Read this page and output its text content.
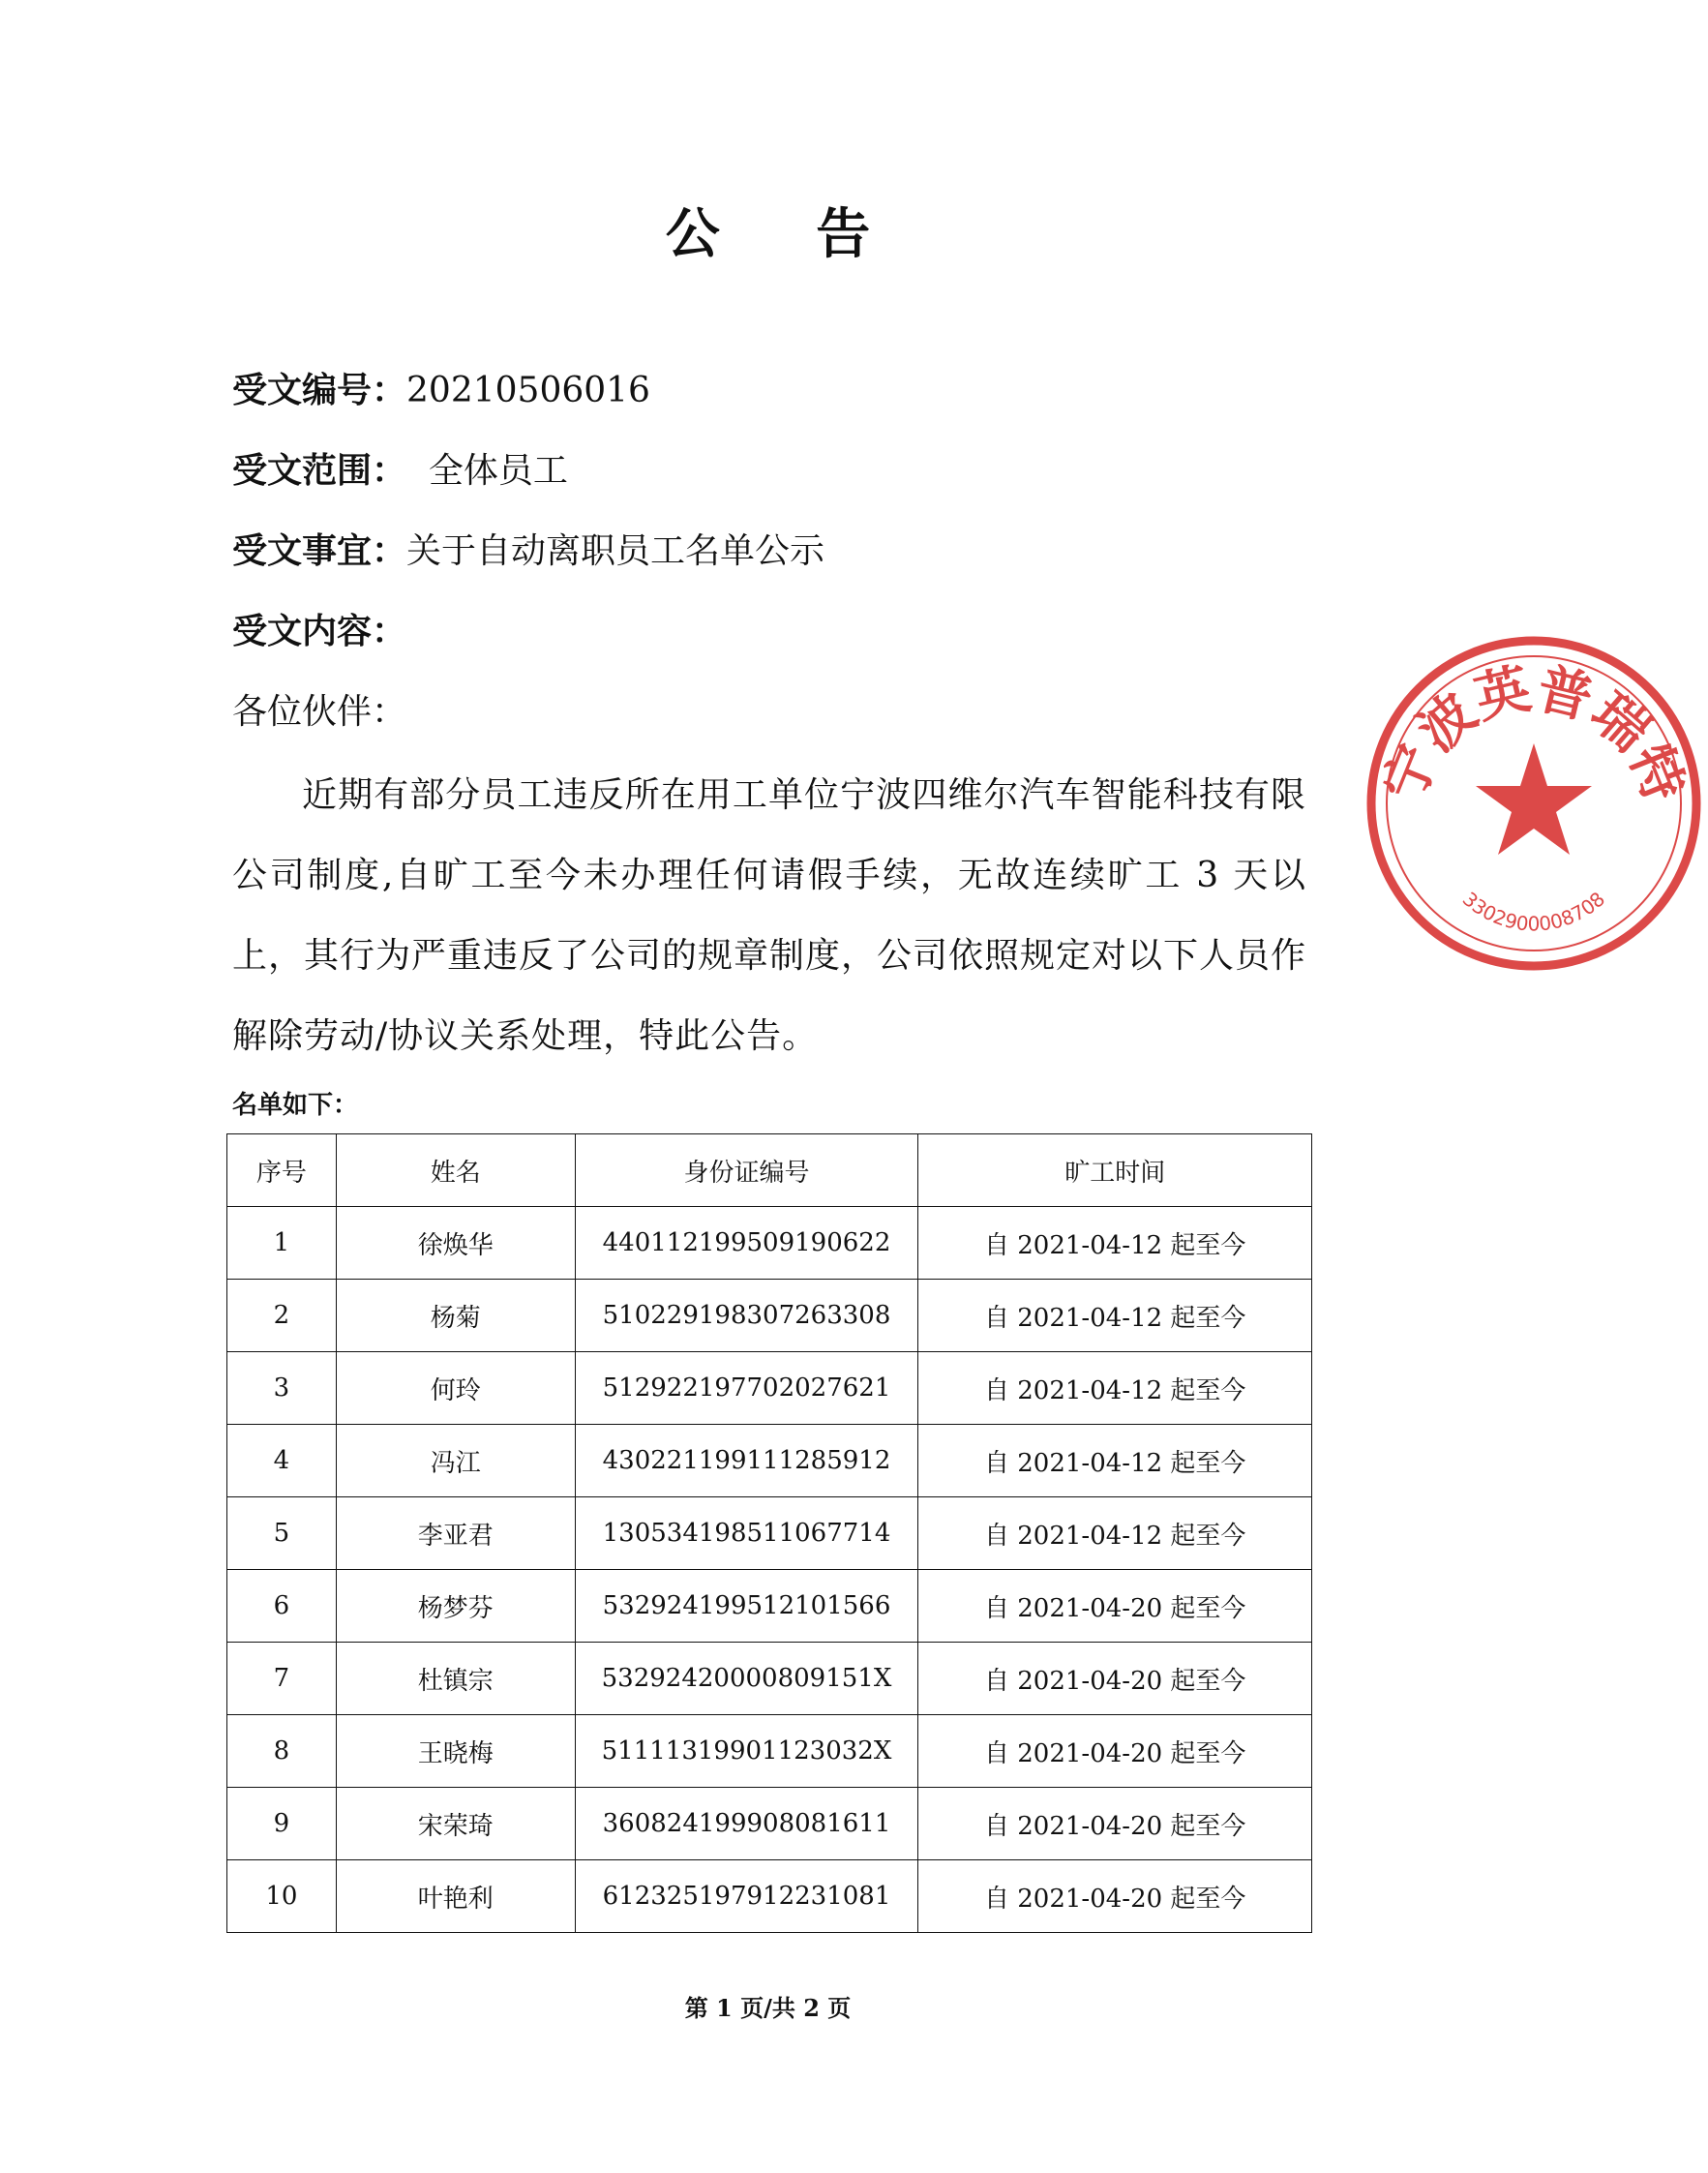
公 告
受文编号：20210506016
受文范围：  全体员工
受文事宜：关于自动离职员工名单公示
受文内容：
各位伙伴：
近期有部分员工违反所在用工单位宁波四维尔汽车智能科技有限公司制度,自旷工至今未办理任何请假手续，无故连续旷工 3 天以上，其行为严重违反了公司的规章制度，公司依照规定对以下人员作解除劳动/协议关系处理，特此公告。
名单如下：
序号	姓名	身份证编号	旷工时间
1	徐焕华	440112199509190622	自 2021-04-12 起至今
2	杨菊	510229198307263308	自 2021-04-12 起至今
3	何玲	512922197702027621	自 2021-04-12 起至今
4	冯江	430221199111285912	自 2021-04-12 起至今
5	李亚君	130534198511067714	自 2021-04-12 起至今
6	杨梦芬	532924199512101566	自 2021-04-20 起至今
7	杜镇宗	53292420000809151X	自 2021-04-20 起至今
8	王晓梅	51111319901123032X	自 2021-04-20 起至今
9	宋荣琦	360824199908081611	自 2021-04-20 起至今
10	叶艳利	612325197912231081	自 2021-04-20 起至今
第 1 页/共 2 页
宁波英普瑞特
3302900008708
